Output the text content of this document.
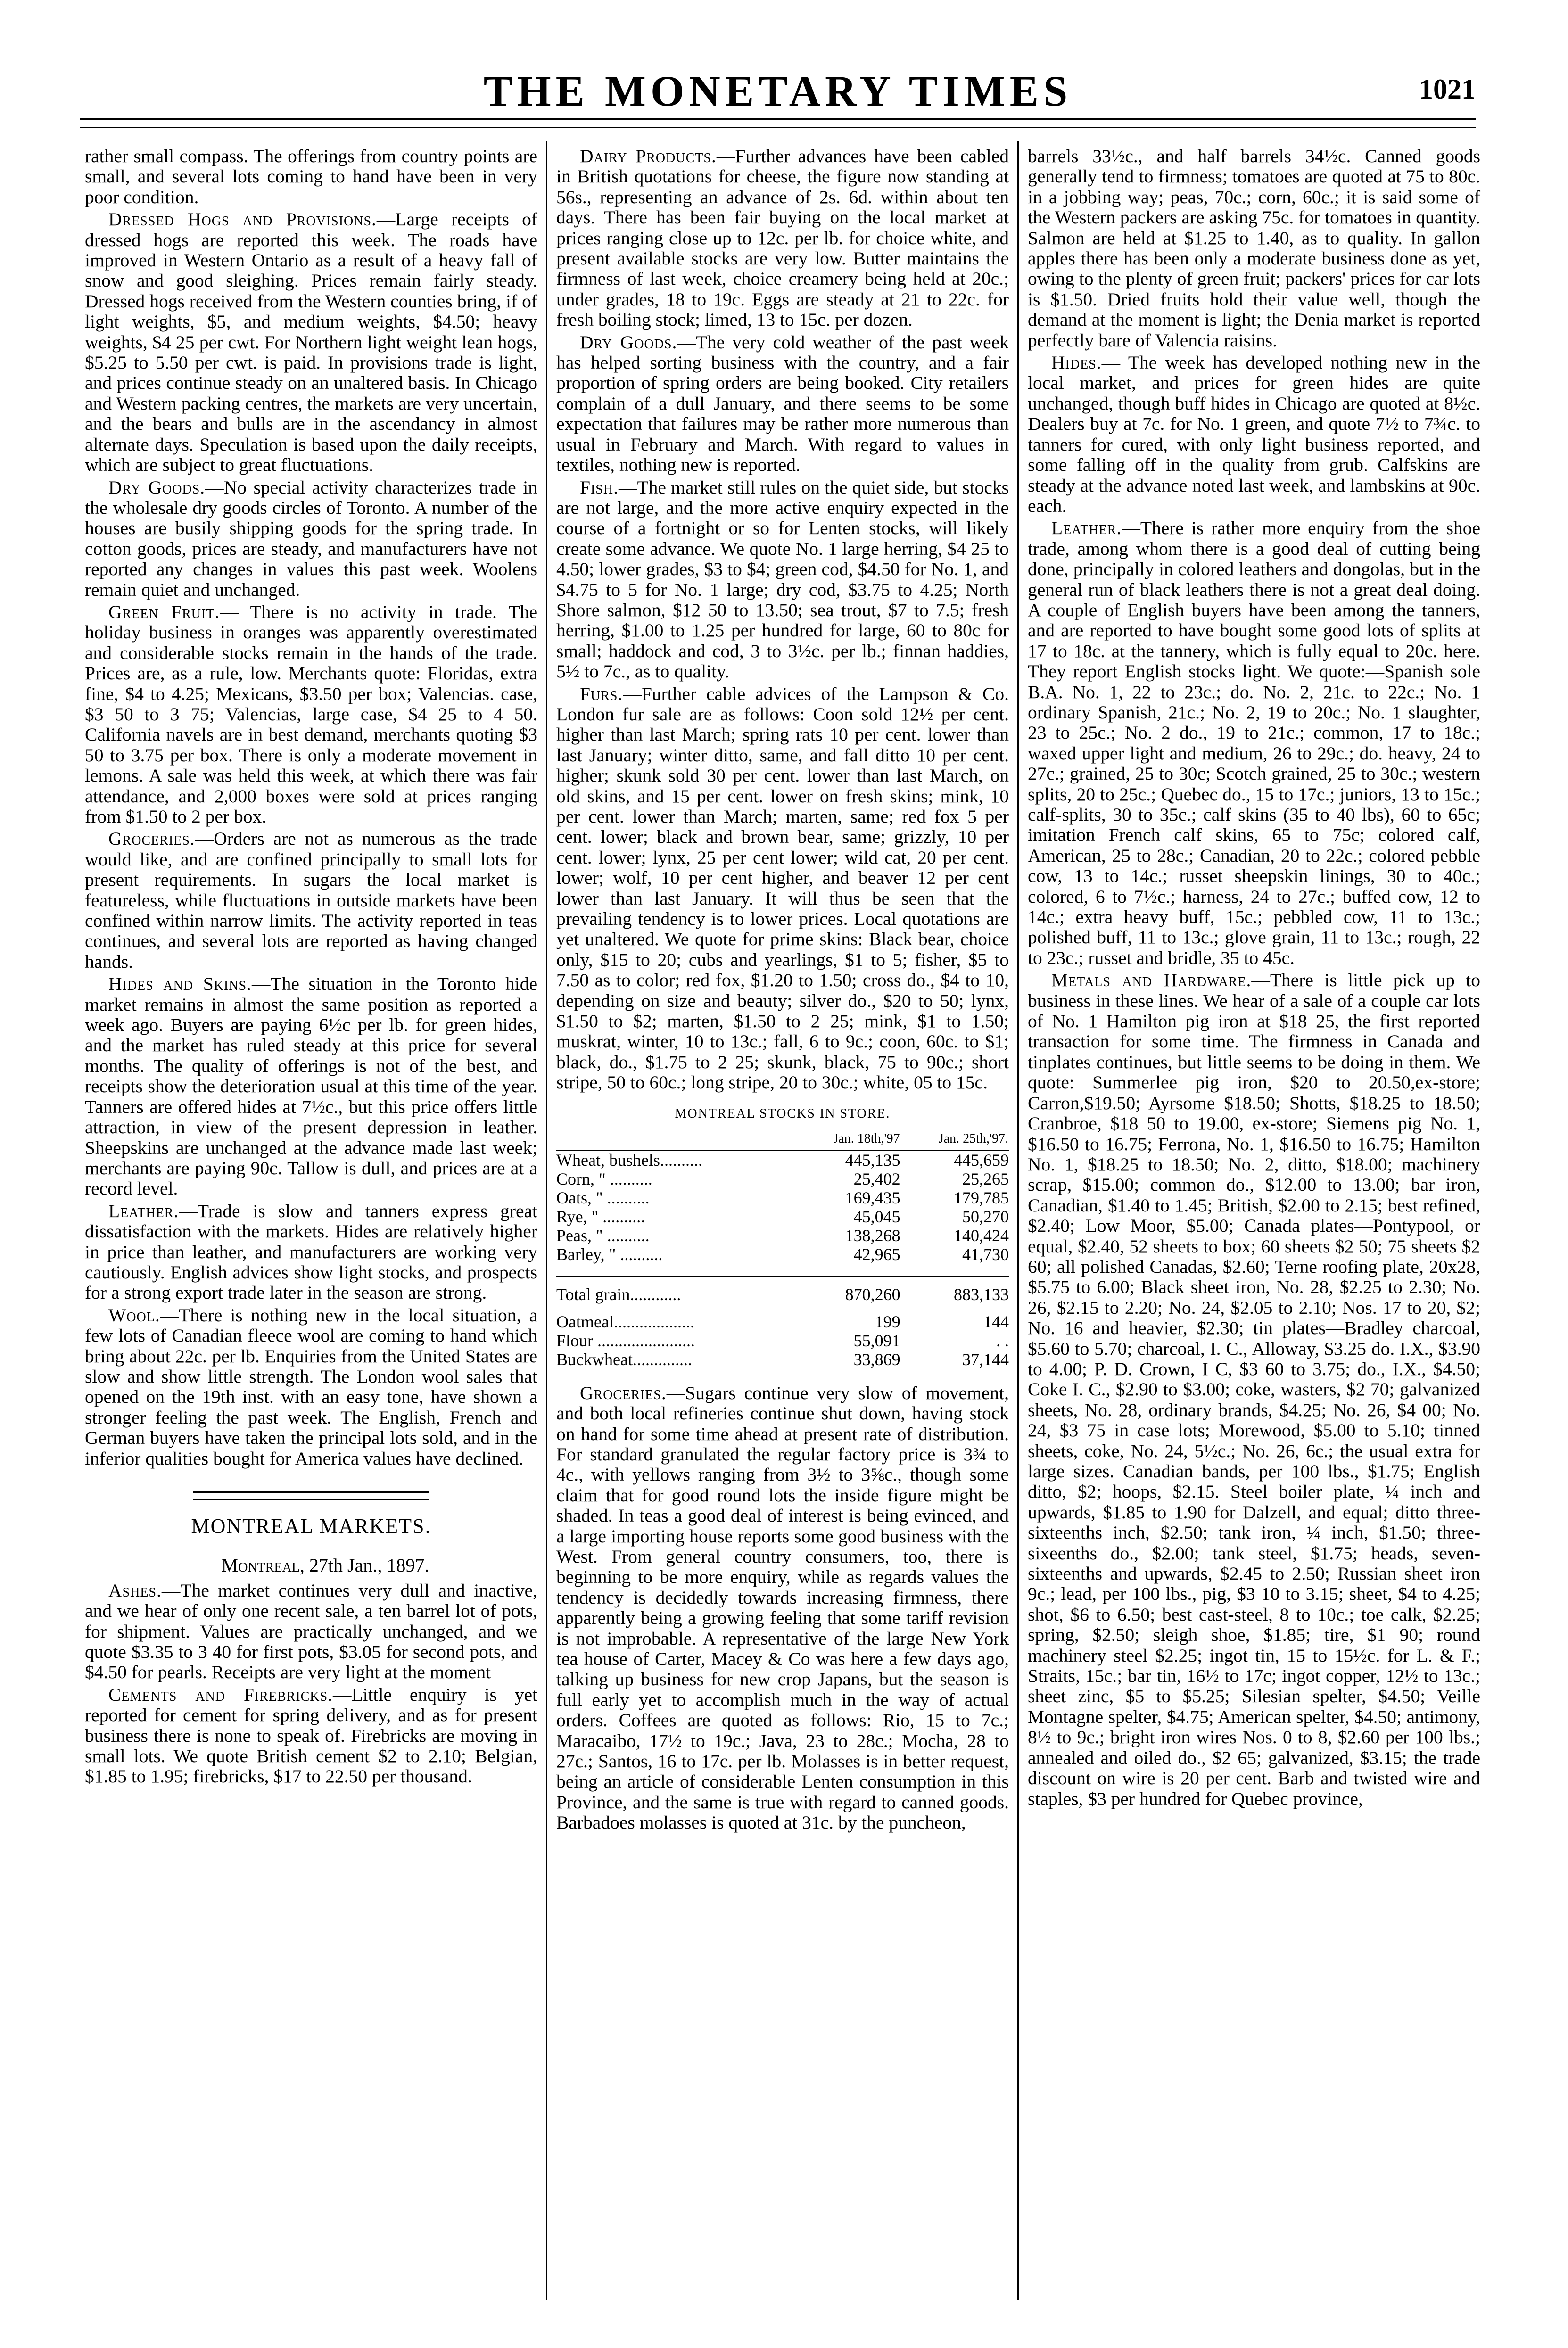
THE MONETARY TIMES	1021

rather small compass. The offerings from country points are small, and several lots coming to hand have been in very poor condition.

Dressed Hogs and Provisions.—Large receipts of dressed hogs are reported this week. The roads have improved in Western Ontario as a result of a heavy fall of snow and good sleighing. Prices remain fairly steady. Dressed hogs received from the Western counties bring, if of light weights, $5, and medium weights, $4.50; heavy weights, $4 25 per cwt. For Northern light weight lean hogs, $5.25 to 5.50 per cwt. is paid. In provisions trade is light, and prices continue steady on an unaltered basis. In Chicago and Western packing centres, the markets are very uncertain, and the bears and bulls are in the ascendancy in almost alternate days. Speculation is based upon the daily receipts, which are subject to great fluctuations.

Dry Goods.—No special activity characterizes trade in the wholesale dry goods circles of Toronto. A number of the houses are busily shipping goods for the spring trade. In cotton goods, prices are steady, and manufacturers have not reported any changes in values this past week. Woolens remain quiet and unchanged.

Green Fruit.— There is no activity in trade. The holiday business in oranges was apparently overestimated and considerable stocks remain in the hands of the trade. Prices are, as a rule, low. Merchants quote: Floridas, extra fine, $4 to 4.25; Mexicans, $3.50 per box; Valencias. case, $3 50 to 3 75; Valencias, large case, $4 25 to 4 50. California navels are in best demand, merchants quoting $3 50 to 3.75 per box. There is only a moderate movement in lemons. A sale was held this week, at which there was fair attendance, and 2,000 boxes were sold at prices ranging from $1.50 to 2 per box.

Groceries.—Orders are not as numerous as the trade would like, and are confined principally to small lots for present requirements. In sugars the local market is featureless, while fluctuations in outside markets have been confined within narrow limits. The activity reported in teas continues, and several lots are reported as having changed hands.

Hides and Skins.—The situation in the Toronto hide market remains in almost the same position as reported a week ago. Buyers are paying 6½c per lb. for green hides, and the market has ruled steady at this price for several months. The quality of offerings is not of the best, and receipts show the deterioration usual at this time of the year. Tanners are offered hides at 7½c., but this price offers little attraction, in view of the present depression in leather. Sheepskins are unchanged at the advance made last week; merchants are paying 90c. Tallow is dull, and prices are at a record level.

Leather.—Trade is slow and tanners express great dissatisfaction with the markets. Hides are relatively higher in price than leather, and manufacturers are working very cautiously. English advices show light stocks, and prospects for a strong export trade later in the season are strong.

Wool.—There is nothing new in the local situation, a few lots of Canadian fleece wool are coming to hand which bring about 22c. per lb. Enquiries from the United States are slow and show little strength. The London wool sales that opened on the 19th inst. with an easy tone, have shown a stronger feeling the past week. The English, French and German buyers have taken the principal lots sold, and in the inferior qualities bought for America values have declined.

MONTREAL MARKETS.
Montreal, 27th Jan., 1897.

Ashes.—The market continues very dull and inactive, and we hear of only one recent sale, a ten barrel lot of pots, for shipment. Values are practically unchanged, and we quote $3.35 to 3 40 for first pots, $3.05 for second pots, and $4.50 for pearls. Receipts are very light at the moment

Cements and Firebricks.—Little enquiry is yet reported for cement for spring delivery, and as for present business there is none to speak of. Firebricks are moving in small lots. We quote British cement $2 to 2.10; Belgian, $1.85 to 1.95; firebricks, $17 to 22.50 per thousand.

Dairy Products.—Further advances have been cabled in British quotations for cheese, the figure now standing at 56s., representing an advance of 2s. 6d. within about ten days. There has been fair buying on the local market at prices ranging close up to 12c. per lb. for choice white, and present available stocks are very low. Butter maintains the firmness of last week, choice creamery being held at 20c.; under grades, 18 to 19c. Eggs are steady at 21 to 22c. for fresh boiling stock; limed, 13 to 15c. per dozen.

Dry Goods.—The very cold weather of the past week has helped sorting business with the country, and a fair proportion of spring orders are being booked. City retailers complain of a dull January, and there seems to be some expectation that failures may be rather more numerous than usual in February and March. With regard to values in textiles, nothing new is reported.

Fish.—The market still rules on the quiet side, but stocks are not large, and the more active enquiry expected in the course of a fortnight or so for Lenten stocks, will likely create some advance. We quote No. 1 large herring, $4 25 to 4.50; lower grades, $3 to $4; green cod, $4.50 for No. 1, and $4.75 to 5 for No. 1 large; dry cod, $3.75 to 4.25; North Shore salmon, $12 50 to 13.50; sea trout, $7 to 7.5; fresh herring, $1.00 to 1.25 per hundred for large, 60 to 80c for small; haddock and cod, 3 to 3½c. per lb.; finnan haddies, 5½ to 7c., as to quality.

Furs.—Further cable advices of the Lampson & Co. London fur sale are as follows: Coon sold 12½ per cent. higher than last March; spring rats 10 per cent. lower than last January; winter ditto, same, and fall ditto 10 per cent. higher; skunk sold 30 per cent. lower than last March, on old skins, and 15 per cent. lower on fresh skins; mink, 10 per cent. lower than March; marten, same; red fox 5 per cent. lower; black and brown bear, same; grizzly, 10 per cent. lower; lynx, 25 per cent lower; wild cat, 20 per cent. lower; wolf, 10 per cent higher, and beaver 12 per cent lower than last January. It will thus be seen that the prevailing tendency is to lower prices. Local quotations are yet unaltered. We quote for prime skins: Black bear, choice only, $15 to 20; cubs and yearlings, $1 to 5; fisher, $5 to 7.50 as to color; red fox, $1.20 to 1.50; cross do., $4 to 10, depending on size and beauty; silver do., $20 to 50; lynx, $1.50 to $2; marten, $1.50 to 2 25; mink, $1 to 1.50; muskrat, winter, 10 to 13c.; fall, 6 to 9c.; coon, 60c. to $1; black, do., $1.75 to 2 25; skunk, black, 75 to 90c.; short stripe, 50 to 60c.; long stripe, 20 to 30c.; white, 05 to 15c.

MONTREAL STOCKS IN STORE.
	Jan. 18th,'97	Jan. 25th,'97.
Wheat, bushels..........	445,135	445,659
Corn, " ..........	25,402	25,265
Oats, " ..........	169,435	179,785
Rye, " ..........	45,045	50,270
Peas, " ..........	138,268	140,424
Barley, " ..........	42,965	41,730

Total grain............	870,260	883,133

Oatmeal...................	199	144
Flour .......................	55,091	. .
Buckwheat..............	33,869	37,144

Groceries.—Sugars continue very slow of movement, and both local refineries continue shut down, having stock on hand for some time ahead at present rate of distribution. For standard granulated the regular factory price is 3¾ to 4c., with yellows ranging from 3½ to 3⅝c., though some claim that for good round lots the inside figure might be shaded. In teas a good deal of interest is being evinced, and a large importing house reports some good business with the West. From general country consumers, too, there is beginning to be more enquiry, while as regards values the tendency is decidedly towards increasing firmness, there apparently being a growing feeling that some tariff revision is not improbable. A representative of the large New York tea house of Carter, Macey & Co was here a few days ago, talking up business for new crop Japans, but the season is full early yet to accomplish much in the way of actual orders. Coffees are quoted as follows: Rio, 15 to 7c.; Maracaibo, 17½ to 19c.; Java, 23 to 28c.; Mocha, 28 to 27c.; Santos, 16 to 17c. per lb. Molasses is in better request, being an article of considerable Lenten consumption in this Province, and the same is true with regard to canned goods. Barbadoes molasses is quoted at 31c. by the puncheon,

barrels 33½c., and half barrels 34½c. Canned goods generally tend to firmness; tomatoes are quoted at 75 to 80c. in a jobbing way; peas, 70c.; corn, 60c.; it is said some of the Western packers are asking 75c. for tomatoes in quantity. Salmon are held at $1.25 to 1.40, as to quality. In gallon apples there has been only a moderate business done as yet, owing to the plenty of green fruit; packers' prices for car lots is $1.50. Dried fruits hold their value well, though the demand at the moment is light; the Denia market is reported perfectly bare of Valencia raisins.

Hides.— The week has developed nothing new in the local market, and prices for green hides are quite unchanged, though buff hides in Chicago are quoted at 8½c. Dealers buy at 7c. for No. 1 green, and quote 7½ to 7¾c. to tanners for cured, with only light business reported, and some falling off in the quality from grub. Calfskins are steady at the advance noted last week, and lambskins at 90c. each.

Leather.—There is rather more enquiry from the shoe trade, among whom there is a good deal of cutting being done, principally in colored leathers and dongolas, but in the general run of black leathers there is not a great deal doing. A couple of English buyers have been among the tanners, and are reported to have bought some good lots of splits at 17 to 18c. at the tannery, which is fully equal to 20c. here. They report English stocks light. We quote:—Spanish sole B.A. No. 1, 22 to 23c.; do. No. 2, 21c. to 22c.; No. 1 ordinary Spanish, 21c.; No. 2, 19 to 20c.; No. 1 slaughter, 23 to 25c.; No. 2 do., 19 to 21c.; common, 17 to 18c.; waxed upper light and medium, 26 to 29c.; do. heavy, 24 to 27c.; grained, 25 to 30c; Scotch grained, 25 to 30c.; western splits, 20 to 25c.; Quebec do., 15 to 17c.; juniors, 13 to 15c.; calf-splits, 30 to 35c.; calf skins (35 to 40 lbs), 60 to 65c; imitation French calf skins, 65 to 75c; colored calf, American, 25 to 28c.; Canadian, 20 to 22c.; colored pebble cow, 13 to 14c.; russet sheepskin linings, 30 to 40c.; colored, 6 to 7½c.; harness, 24 to 27c.; buffed cow, 12 to 14c.; extra heavy buff, 15c.; pebbled cow, 11 to 13c.; polished buff, 11 to 13c.; glove grain, 11 to 13c.; rough, 22 to 23c.; russet and bridle, 35 to 45c.

Metals and Hardware.—There is little pick up to business in these lines. We hear of a sale of a couple car lots of No. 1 Hamilton pig iron at $18 25, the first reported transaction for some time. The firmness in Canada and tinplates continues, but little seems to be doing in them. We quote: Summerlee pig iron, $20 to 20.50,ex-store; Carron,$19.50; Ayrsome $18.50; Shotts, $18.25 to 18.50; Cranbroe, $18 50 to 19.00, ex-store; Siemens pig No. 1, $16.50 to 16.75; Ferrona, No. 1, $16.50 to 16.75; Hamilton No. 1, $18.25 to 18.50; No. 2, ditto, $18.00; machinery scrap, $15.00; common do., $12.00 to 13.00; bar iron, Canadian, $1.40 to 1.45; British, $2.00 to 2.15; best refined, $2.40; Low Moor, $5.00; Canada plates—Pontypool, or equal, $2.40, 52 sheets to box; 60 sheets $2 50; 75 sheets $2 60; all polished Canadas, $2.60; Terne roofing plate, 20x28, $5.75 to 6.00; Black sheet iron, No. 28, $2.25 to 2.30; No. 26, $2.15 to 2.20; No. 24, $2.05 to 2.10; Nos. 17 to 20, $2; No. 16 and heavier, $2.30; tin plates—Bradley charcoal, $5.60 to 5.70; charcoal, I. C., Alloway, $3.25 do. I.X., $3.90 to 4.00; P. D. Crown, I C, $3 60 to 3.75; do., I.X., $4.50; Coke I. C., $2.90 to $3.00; coke, wasters, $2 70; galvanized sheets, No. 28, ordinary brands, $4.25; No. 26, $4 00; No. 24, $3 75 in case lots; Morewood, $5.00 to 5.10; tinned sheets, coke, No. 24, 5½c.; No. 26, 6c.; the usual extra for large sizes. Canadian bands, per 100 lbs., $1.75; English ditto, $2; hoops, $2.15. Steel boiler plate, ¼ inch and upwards, $1.85 to 1.90 for Dalzell, and equal; ditto three-sixteenths inch, $2.50; tank iron, ¼ inch, $1.50; three-sixeenths do., $2.00; tank steel, $1.75; heads, seven-sixteenths and upwards, $2.45 to 2.50; Russian sheet iron 9c.; lead, per 100 lbs., pig, $3 10 to 3.15; sheet, $4 to 4.25; shot, $6 to 6.50; best cast-steel, 8 to 10c.; toe calk, $2.25; spring, $2.50; sleigh shoe, $1.85; tire, $1 90; round machinery steel $2.25; ingot tin, 15 to 15½c. for L. & F.; Straits, 15c.; bar tin, 16½ to 17c; ingot copper, 12½ to 13c.; sheet zinc, $5 to $5.25; Silesian spelter, $4.50; Veille Montagne spelter, $4.75; American spelter, $4.50; antimony, 8½ to 9c.; bright iron wires Nos. 0 to 8, $2.60 per 100 lbs.; annealed and oiled do., $2 65; galvanized, $3.15; the trade discount on wire is 20 per cent. Barb and twisted wire and staples, $3 per hundred for Quebec province,
